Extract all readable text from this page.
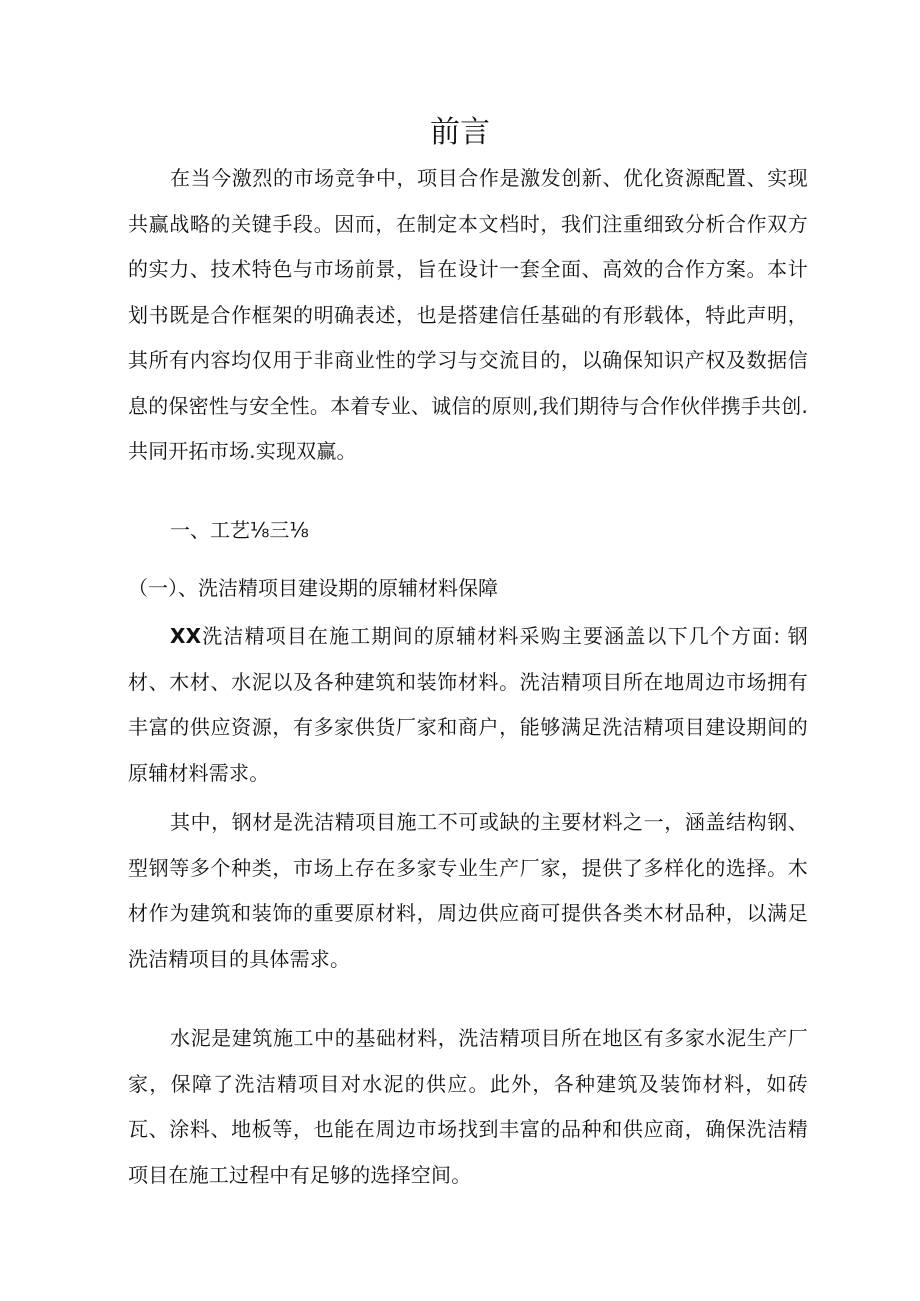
前言

在当今激烈的市场竞争中，项目合作是激发创新、优化资源配置、实现共赢战略的关键手段。因而，在制定本文档时，我们注重细致分析合作双方的实力、技术特色与市场前景，旨在设计一套全面、高效的合作方案。本计划书既是合作框架的明确表述，也是搭建信任基础的有形载体，特此声明，其所有内容均仅用于非商业性的学习与交流目的，以确保知识产权及数据信息的保密性与安全性。本着专业、诚信的原则,我们期待与合作伙伴携手共创.共同开拓市场.实现双赢。

一、工艺⅛三⅛
（一）、洗洁精项目建设期的原辅材料保障

XX洗洁精项目在施工期间的原辅材料采购主要涵盖以下几个方面: 钢材、木材、水泥以及各种建筑和装饰材料。洗洁精项目所在地周边市场拥有丰富的供应资源，有多家供货厂家和商户，能够满足洗洁精项目建设期间的原辅材料需求。

其中，钢材是洗洁精项目施工不可或缺的主要材料之一，涵盖结构钢、型钢等多个种类，市场上存在多家专业生产厂家，提供了多样化的选择。木材作为建筑和装饰的重要原材料，周边供应商可提供各类木材品种，以满足洗洁精项目的具体需求。

水泥是建筑施工中的基础材料，洗洁精项目所在地区有多家水泥生产厂家，保障了洗洁精项目对水泥的供应。此外，各种建筑及装饰材料，如砖瓦、涂料、地板等，也能在周边市场找到丰富的品种和供应商，确保洗洁精项目在施工过程中有足够的选择空间。
